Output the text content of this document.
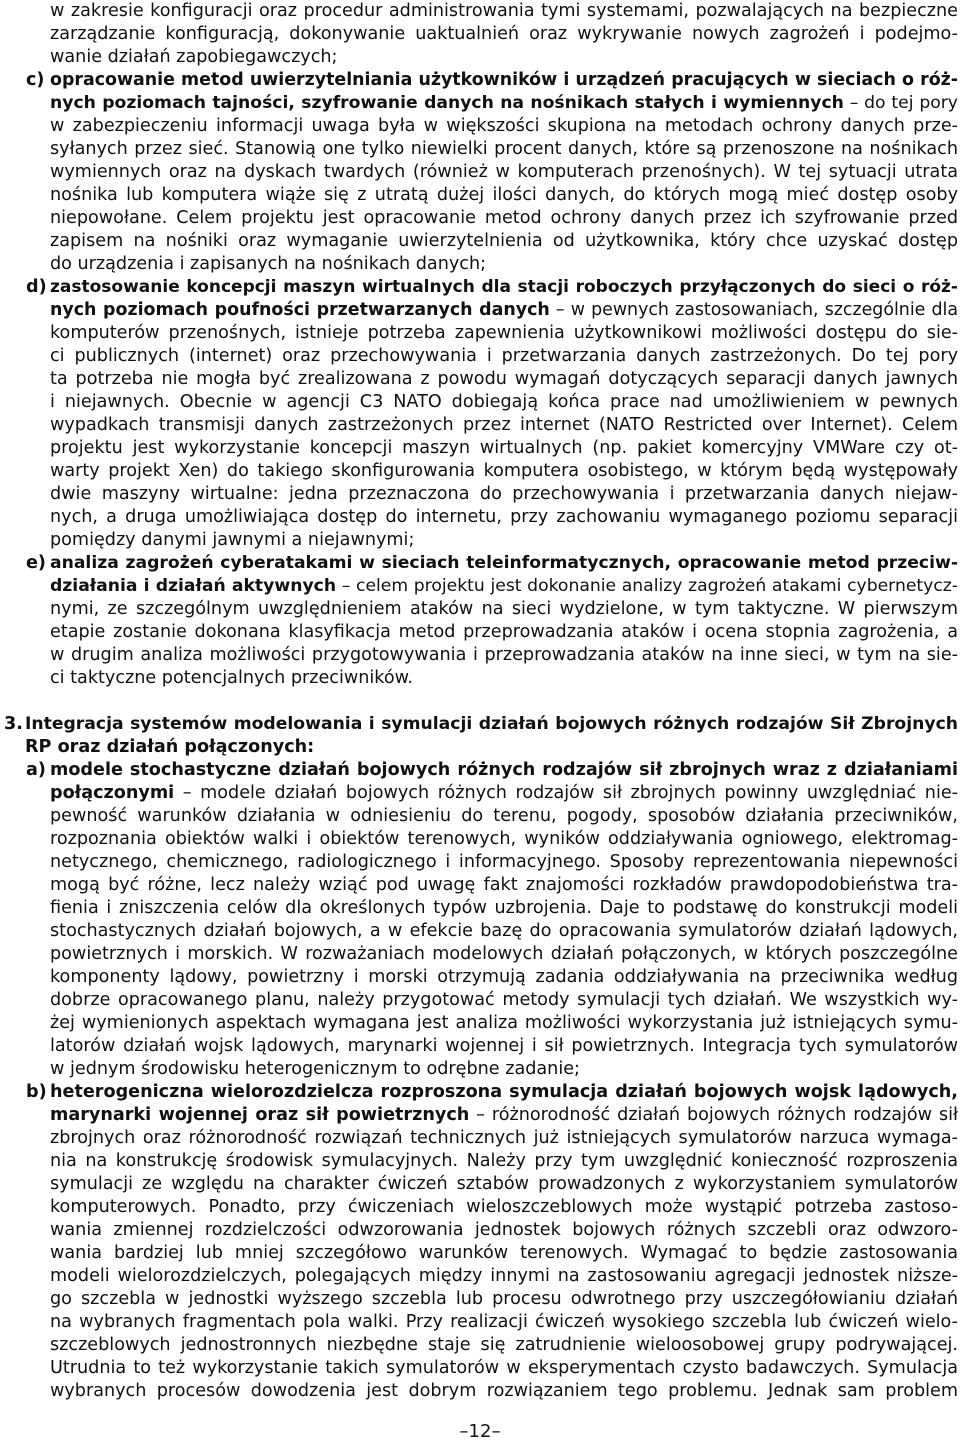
w zakresie konfiguracji oraz procedur administrowania tymi systemami, pozwalających na bezpieczne
zarządzanie konfiguracją, dokonywanie uaktualnień oraz wykrywanie nowych zagrożeń i podejmo-
wanie działań zapobiegawczych;
c) opracowanie metod uwierzytelniania użytkowników i urządzeń pracujących w sieciach o róż-
nych poziomach tajności, szyfrowanie danych na nośnikach stałych i wymiennych – do tej pory
w zabezpieczeniu informacji uwaga była w większości skupiona na metodach ochrony danych prze-
syłanych przez sieć. Stanowią one tylko niewielki procent danych, które są przenoszone na nośnikach
wymiennych oraz na dyskach twardych (również w komputerach przenośnych). W tej sytuacji utrata
nośnika lub komputera wiąże się z utratą dużej ilości danych, do których mogą mieć dostęp osoby
niepowołane. Celem projektu jest opracowanie metod ochrony danych przez ich szyfrowanie przed
zapisem na nośniki oraz wymaganie uwierzytelnienia od użytkownika, który chce uzyskać dostęp
do urządzenia i zapisanych na nośnikach danych;
d) zastosowanie koncepcji maszyn wirtualnych dla stacji roboczych przyłączonych do sieci o róż-
nych poziomach poufności przetwarzanych danych – w pewnych zastosowaniach, szczególnie dla
komputerów przenośnych, istnieje potrzeba zapewnienia użytkownikowi możliwości dostępu do sie-
ci publicznych (internet) oraz przechowywania i przetwarzania danych zastrzeżonych. Do tej pory
ta potrzeba nie mogła być zrealizowana z powodu wymagań dotyczących separacji danych jawnych
i niejawnych. Obecnie w agencji C3 NATO dobiegają końca prace nad umożliwieniem w pewnych
wypadkach transmisji danych zastrzeżonych przez internet (NATO Restricted over Internet). Celem
projektu jest wykorzystanie koncepcji maszyn wirtualnych (np. pakiet komercyjny VMWare czy ot-
warty projekt Xen) do takiego skonfigurowania komputera osobistego, w którym będą występowały
dwie maszyny wirtualne: jedna przeznaczona do przechowywania i przetwarzania danych niejaw-
nych, a druga umożliwiająca dostęp do internetu, przy zachowaniu wymaganego poziomu separacji
pomiędzy danymi jawnymi a niejawnymi;
e) analiza zagrożeń cyberatakami w sieciach teleinformatycznych, opracowanie metod przeciw-
działania i działań aktywnych – celem projektu jest dokonanie analizy zagrożeń atakami cybernetycz-
nymi, ze szczególnym uwzględnieniem ataków na sieci wydzielone, w tym taktyczne. W pierwszym
etapie zostanie dokonana klasyfikacja metod przeprowadzania ataków i ocena stopnia zagrożenia, a
w drugim analiza możliwości przygotowywania i przeprowadzania ataków na inne sieci, w tym na sie-
ci taktyczne potencjalnych przeciwników.
3. Integracja systemów modelowania i symulacji działań bojowych różnych rodzajów Sił Zbrojnych
RP oraz działań połączonych:
a) modele stochastyczne działań bojowych różnych rodzajów sił zbrojnych wraz z działaniami
połączonymi – modele działań bojowych różnych rodzajów sił zbrojnych powinny uwzględniać nie-
pewność warunków działania w odniesieniu do terenu, pogody, sposobów działania przeciwników,
rozpoznania obiektów walki i obiektów terenowych, wyników oddziaływania ogniowego, elektromag-
netycznego, chemicznego, radiologicznego i informacyjnego. Sposoby reprezentowania niepewności
mogą być różne, lecz należy wziąć pod uwagę fakt znajomości rozkładów prawdopodobieństwa tra-
fienia i zniszczenia celów dla określonych typów uzbrojenia. Daje to podstawę do konstrukcji modeli
stochastycznych działań bojowych, a w efekcie bazę do opracowania symulatorów działań lądowych,
powietrznych i morskich. W rozważaniach modelowych działań połączonych, w których poszczególne
komponenty lądowy, powietrzny i morski otrzymują zadania oddziaływania na przeciwnika według
dobrze opracowanego planu, należy przygotować metody symulacji tych działań. We wszystkich wy-
żej wymienionych aspektach wymagana jest analiza możliwości wykorzystania już istniejących symu-
latorów działań wojsk lądowych, marynarki wojennej i sił powietrznych. Integracja tych symulatorów
w jednym środowisku heterogenicznym to odrębne zadanie;
b) heterogeniczna wielorozdzielcza rozproszona symulacja działań bojowych wojsk lądowych,
marynarki wojennej oraz sił powietrznych – różnorodność działań bojowych różnych rodzajów sił
zbrojnych oraz różnorodność rozwiązań technicznych już istniejących symulatorów narzuca wymaga-
nia na konstrukcję środowisk symulacyjnych. Należy przy tym uwzględnić konieczność rozproszenia
symulacji ze względu na charakter ćwiczeń sztabów prowadzonych z wykorzystaniem symulatorów
komputerowych. Ponadto, przy ćwiczeniach wieloszczeblowych może wystąpić potrzeba zastoso-
wania zmiennej rozdzielczości odwzorowania jednostek bojowych różnych szczebli oraz odwzoro-
wania bardziej lub mniej szczegółowo warunków terenowych. Wymagać to będzie zastosowania
modeli wielorozdzielczych, polegających między innymi na zastosowaniu agregacji jednostek niższe-
go szczebla w jednostki wyższego szczebla lub procesu odwrotnego przy uszczegółowianiu działań
na wybranych fragmentach pola walki. Przy realizacji ćwiczeń wysokiego szczebla lub ćwiczeń wielo-
szczeblowych jednostronnych niezbędne staje się zatrudnienie wieloosobowej grupy podrywającej.
Utrudnia to też wykorzystanie takich symulatorów w eksperymentach czysto badawczych. Symulacja
wybranych procesów dowodzenia jest dobrym rozwiązaniem tego problemu. Jednak sam problem
–12–
